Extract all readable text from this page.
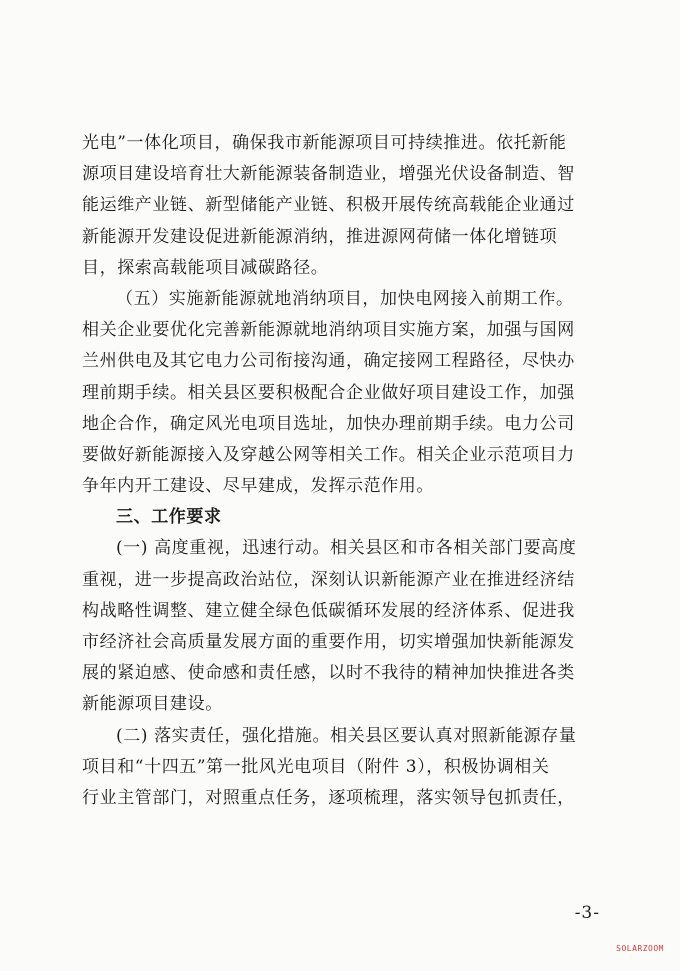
光电”一体化项目，确保我市新能源项目可持续推进。依托新能
源项目建设培育壮大新能源装备制造业，增强光伏设备制造、智
能运维产业链、新型储能产业链、积极开展传统高载能企业通过
新能源开发建设促进新能源消纳，推进源网荷储一体化增链项
目，探索高载能项目减碳路径。

（五）实施新能源就地消纳项目，加快电网接入前期工作。
相关企业要优化完善新能源就地消纳项目实施方案，加强与国网
兰州供电及其它电力公司衔接沟通，确定接网工程路径，尽快办
理前期手续。相关县区要积极配合企业做好项目建设工作，加强
地企合作，确定风光电项目选址，加快办理前期手续。电力公司
要做好新能源接入及穿越公网等相关工作。相关企业示范项目力
争年内开工建设、尽早建成，发挥示范作用。

三、工作要求

(一) 高度重视，迅速行动。相关县区和市各相关部门要高度
重视，进一步提高政治站位，深刻认识新能源产业在推进经济结
构战略性调整、建立健全绿色低碳循环发展的经济体系、促进我
市经济社会高质量发展方面的重要作用，切实增强加快新能源发
展的紧迫感、使命感和责任感，以时不我待的精神加快推进各类
新能源项目建设。

(二) 落实责任，强化措施。相关县区要认真对照新能源存量
项目和“十四五”第一批风光电项目（附件 3），积极协调相关
行业主管部门，对照重点任务，逐项梳理，落实领导包抓责任，

-3-
SOLARZOOM
